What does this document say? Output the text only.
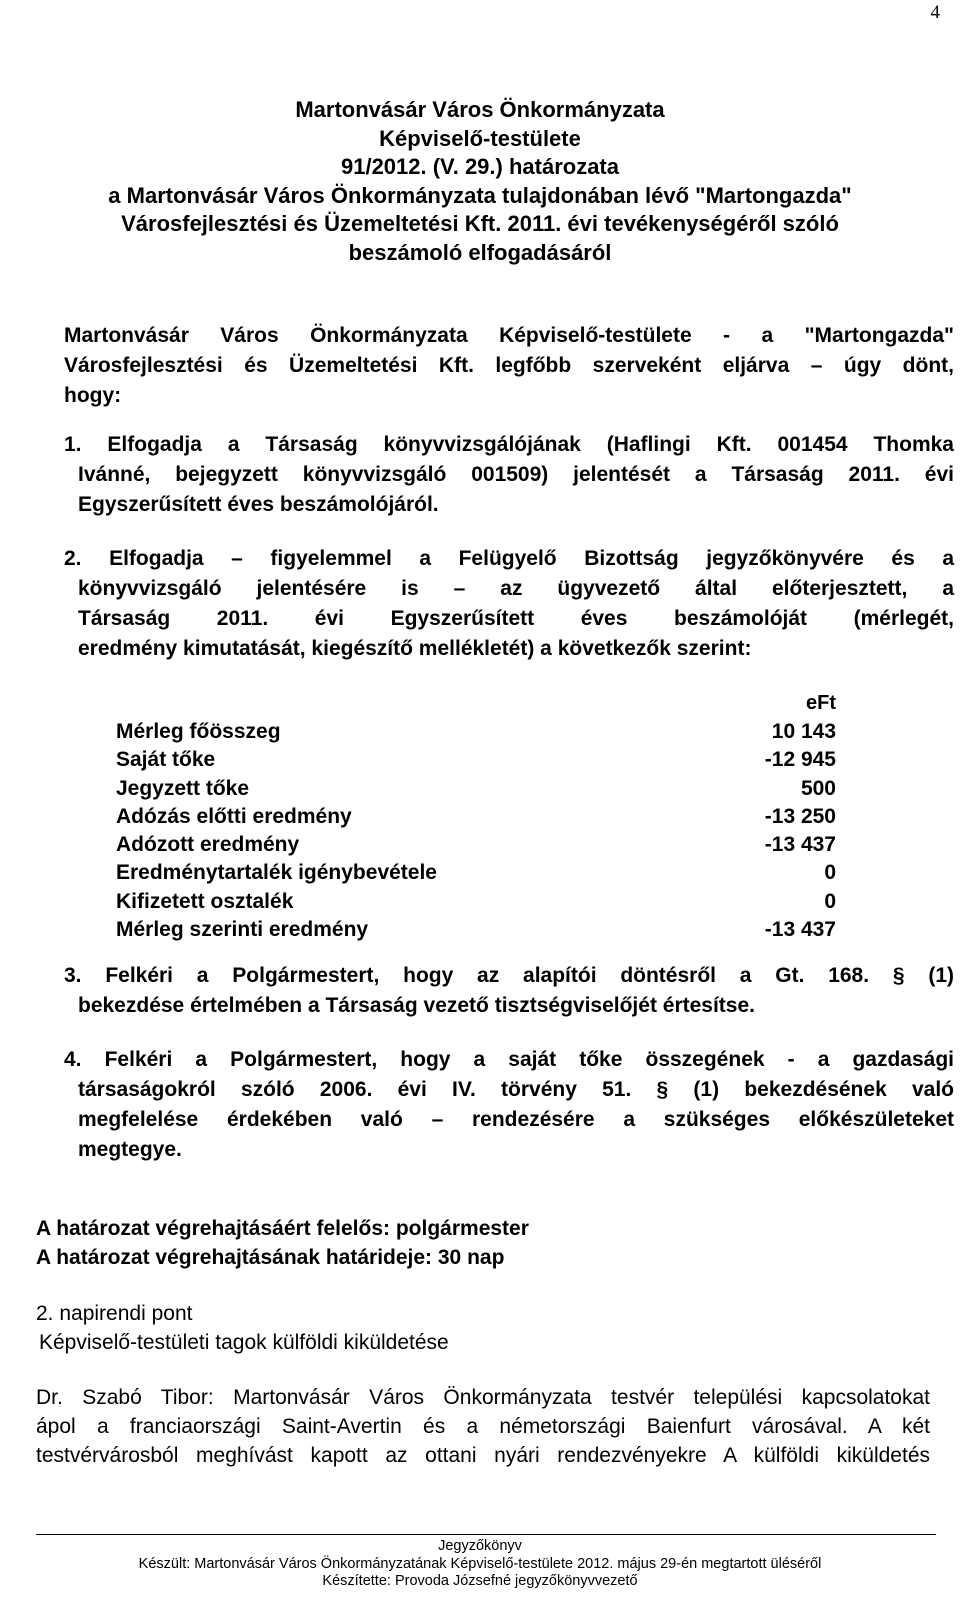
4
Martonvásár Város Önkormányzata
Képviselő-testülete
91/2012. (V. 29.) határozata
a Martonvásár Város Önkormányzata tulajdonában lévő "Martongazda"
Városfejlesztési és Üzemeltetési Kft. 2011. évi tevékenységéről szóló
beszámoló elfogadásáról
Martonvásár Város Önkormányzata Képviselő-testülete - a "Martongazda"
Városfejlesztési és Üzemeltetési Kft. legfőbb szerveként eljárva – úgy dönt,
hogy:
1. Elfogadja a Társaság könyvvizsgálójának (Haflingi Kft. 001454 Thomka
Ivánné, bejegyzett könyvvizsgáló 001509) jelentését a Társaság 2011. évi
Egyszerűsített éves beszámolójáról.
2. Elfogadja – figyelemmel a Felügyelő Bizottság jegyzőkönyvére és a
könyvvizsgáló jelentésére is – az ügyvezető által előterjesztett, a
Társaság 2011. évi Egyszerűsített éves beszámolóját (mérlegét,
eredmény kimutatását, kiegészítő mellékletét) a következők szerint:
eFt
Mérleg főösszeg	10 143
Saját tőke	-12 945
Jegyzett tőke	500
Adózás előtti eredmény	-13 250
Adózott eredmény	-13 437
Eredménytartalék igénybevétele	0
Kifizetett osztalék	0
Mérleg szerinti eredmény	-13 437
3. Felkéri a Polgármestert, hogy az alapítói döntésről a Gt. 168. § (1)
bekezdése értelmében a Társaság vezető tisztségviselőjét értesítse.
4. Felkéri a Polgármestert, hogy a saját tőke összegének - a gazdasági
társaságokról szóló 2006. évi IV. törvény 51. § (1) bekezdésének való
megfelelése érdekében való – rendezésére a szükséges előkészületeket
megtegye.
A határozat végrehajtásáért felelős: polgármester
A határozat végrehajtásának határideje: 30 nap
2. napirendi pont
Képviselő-testületi tagok külföldi kiküldetése
Dr. Szabó Tibor: Martonvásár Város Önkormányzata testvér települési kapcsolatokat
ápol a franciaországi Saint-Avertin és a németországi Baienfurt városával. A két
testvérvárosból meghívást kapott az ottani nyári rendezvényekre A külföldi kiküldetés
Jegyzőkönyv
Készült: Martonvásár Város Önkormányzatának Képviselő-testülete 2012. május 29-én megtartott üléséről
Készítette: Provoda Józsefné jegyzőkönyvvezető
